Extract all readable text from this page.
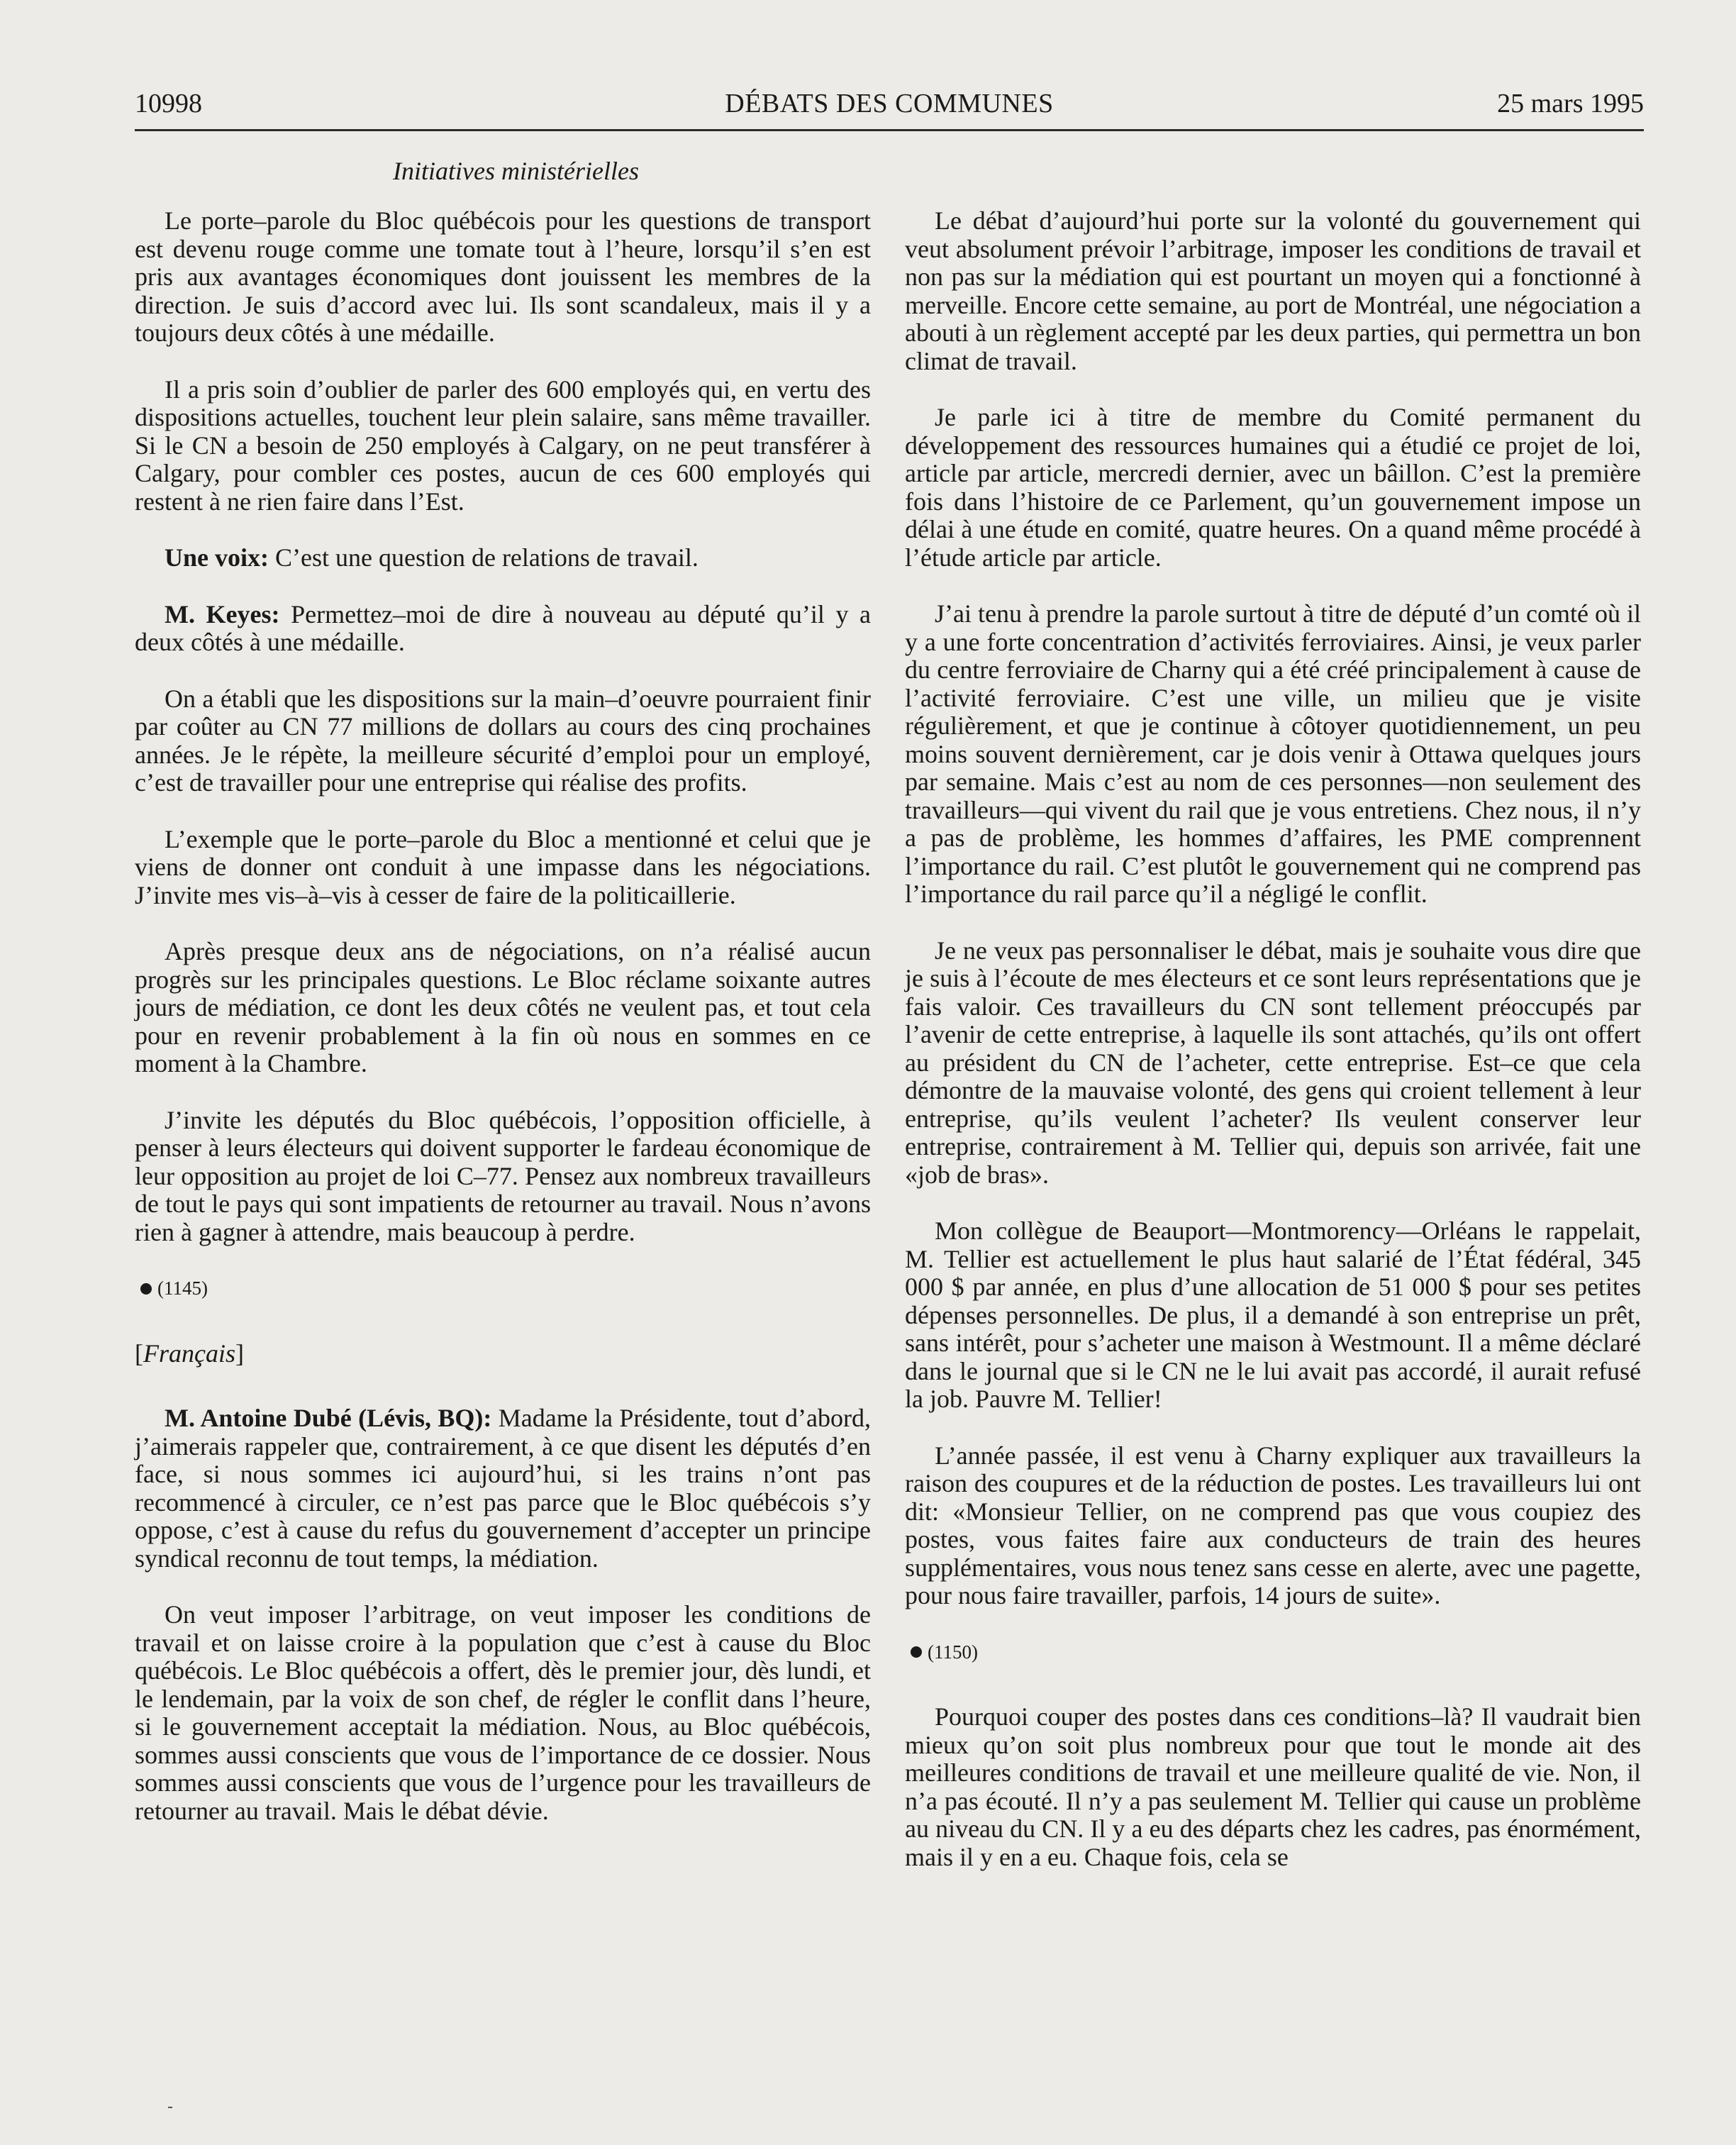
10998	DÉBATS DES COMMUNES	25 mars 1995
Initiatives ministérielles

Le porte–parole du Bloc québécois pour les questions de transport est devenu rouge comme une tomate tout à l’heure, lorsqu’il s’en est pris aux avantages économiques dont jouissent les membres de la direction. Je suis d’accord avec lui. Ils sont scandaleux, mais il y a toujours deux côtés à une médaille.

Il a pris soin d’oublier de parler des 600 employés qui, en vertu des dispositions actuelles, touchent leur plein salaire, sans même travailler. Si le CN a besoin de 250 employés à Calgary, on ne peut transférer à Calgary, pour combler ces postes, aucun de ces 600 employés qui restent à ne rien faire dans l’Est.

Une voix: C’est une question de relations de travail.

M. Keyes: Permettez–moi de dire à nouveau au député qu’il y a deux côtés à une médaille.

On a établi que les dispositions sur la main–d’oeuvre pourraient finir par coûter au CN 77 millions de dollars au cours des cinq prochaines années. Je le répète, la meilleure sécurité d’emploi pour un employé, c’est de travailler pour une entreprise qui réalise des profits.

L’exemple que le porte–parole du Bloc a mentionné et celui que je viens de donner ont conduit à une impasse dans les négociations. J’invite mes vis–à–vis à cesser de faire de la politicaillerie.

Après presque deux ans de négociations, on n’a réalisé aucun progrès sur les principales questions. Le Bloc réclame soixante autres jours de médiation, ce dont les deux côtés ne veulent pas, et tout cela pour en revenir probablement à la fin où nous en sommes en ce moment à la Chambre.

J’invite les députés du Bloc québécois, l’opposition officielle, à penser à leurs électeurs qui doivent supporter le fardeau économique de leur opposition au projet de loi C–77. Pensez aux nombreux travailleurs de tout le pays qui sont impatients de retourner au travail. Nous n’avons rien à gagner à attendre, mais beaucoup à perdre.

(1145)
[Français]

M. Antoine Dubé (Lévis, BQ): Madame la Présidente, tout d’abord, j’aimerais rappeler que, contrairement, à ce que disent les députés d’en face, si nous sommes ici aujourd’hui, si les trains n’ont pas recommencé à circuler, ce n’est pas parce que le Bloc québécois s’y oppose, c’est à cause du refus du gouvernement d’accepter un principe syndical reconnu de tout temps, la médiation.

On veut imposer l’arbitrage, on veut imposer les conditions de travail et on laisse croire à la population que c’est à cause du Bloc québécois. Le Bloc québécois a offert, dès le premier jour, dès lundi, et le lendemain, par la voix de son chef, de régler le conflit dans l’heure, si le gouvernement acceptait la médiation. Nous, au Bloc québécois, sommes aussi conscients que vous de l’importance de ce dossier. Nous sommes aussi conscients que vous de l’urgence pour les travailleurs de retourner au travail. Mais le débat dévie.

Le débat d’aujourd’hui porte sur la volonté du gouvernement qui veut absolument prévoir l’arbitrage, imposer les conditions de travail et non pas sur la médiation qui est pourtant un moyen qui a fonctionné à merveille. Encore cette semaine, au port de Montréal, une négociation a abouti à un règlement accepté par les deux parties, qui permettra un bon climat de travail.

Je parle ici à titre de membre du Comité permanent du développement des ressources humaines qui a étudié ce projet de loi, article par article, mercredi dernier, avec un bâillon. C’est la première fois dans l’histoire de ce Parlement, qu’un gouvernement impose un délai à une étude en comité, quatre heures. On a quand même procédé à l’étude article par article.

J’ai tenu à prendre la parole surtout à titre de député d’un comté où il y a une forte concentration d’activités ferroviaires. Ainsi, je veux parler du centre ferroviaire de Charny qui a été créé principalement à cause de l’activité ferroviaire. C’est une ville, un milieu que je visite régulièrement, et que je continue à côtoyer quotidiennement, un peu moins souvent dernièrement, car je dois venir à Ottawa quelques jours par semaine. Mais c’est au nom de ces personnes—non seulement des travailleurs—qui vivent du rail que je vous entretiens. Chez nous, il n’y a pas de problème, les hommes d’affaires, les PME comprennent l’importance du rail. C’est plutôt le gouvernement qui ne comprend pas l’importance du rail parce qu’il a négligé le conflit.

Je ne veux pas personnaliser le débat, mais je souhaite vous dire que je suis à l’écoute de mes électeurs et ce sont leurs représentations que je fais valoir. Ces travailleurs du CN sont tellement préoccupés par l’avenir de cette entreprise, à laquelle ils sont attachés, qu’ils ont offert au président du CN de l’acheter, cette entreprise. Est–ce que cela démontre de la mauvaise volonté, des gens qui croient tellement à leur entreprise, qu’ils veulent l’acheter? Ils veulent conserver leur entreprise, contrairement à M. Tellier qui, depuis son arrivée, fait une «job de bras».

Mon collègue de Beauport—Montmorency—Orléans le rappelait, M. Tellier est actuellement le plus haut salarié de l’État fédéral, 345 000 $ par année, en plus d’une allocation de 51 000 $ pour ses petites dépenses personnelles. De plus, il a demandé à son entreprise un prêt, sans intérêt, pour s’acheter une maison à Westmount. Il a même déclaré dans le journal que si le CN ne le lui avait pas accordé, il aurait refusé la job. Pauvre M. Tellier!

L’année passée, il est venu à Charny expliquer aux travailleurs la raison des coupures et de la réduction de postes. Les travailleurs lui ont dit: «Monsieur Tellier, on ne comprend pas que vous coupiez des postes, vous faites faire aux conducteurs de train des heures supplémentaires, vous nous tenez sans cesse en alerte, avec une pagette, pour nous faire travailler, parfois, 14 jours de suite».

(1150)

Pourquoi couper des postes dans ces conditions–là? Il vaudrait bien mieux qu’on soit plus nombreux pour que tout le monde ait des meilleures conditions de travail et une meilleure qualité de vie. Non, il n’a pas écouté. Il n’y a pas seulement M. Tellier qui cause un problème au niveau du CN. Il y a eu des départs chez les cadres, pas énormément, mais il y en a eu. Chaque fois, cela se
